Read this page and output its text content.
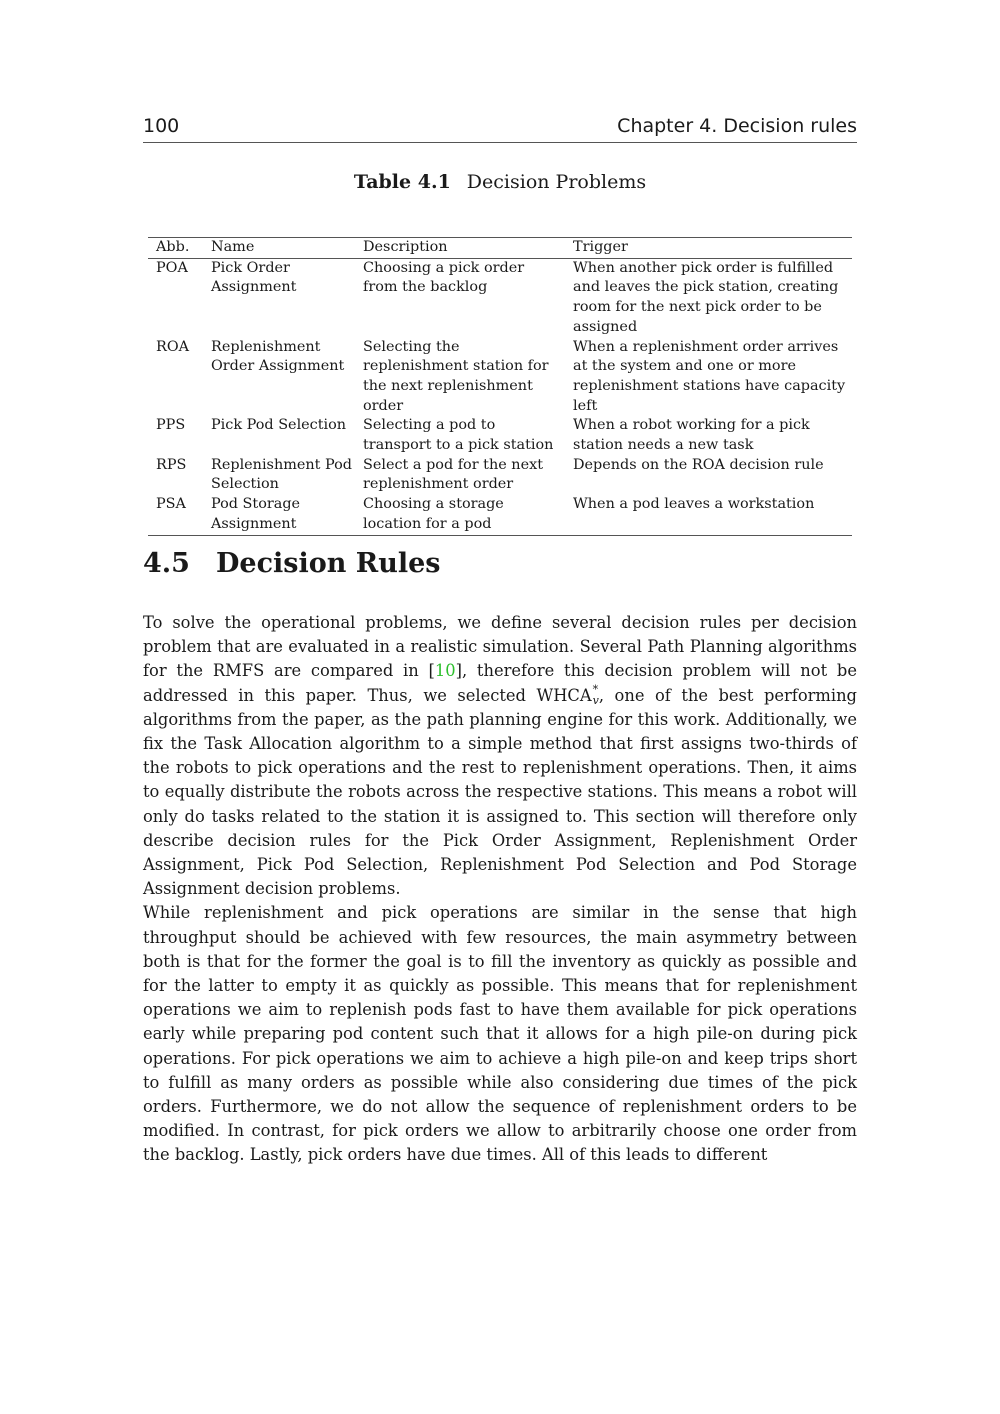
100	Chapter 4. Decision rules
Table 4.1 Decision Problems
Abb.	Name	Description	Trigger
POA	Pick Order Assignment	Choosing a pick order from the backlog	When another pick order is fulfilled and leaves the pick station, creating room for the next pick order to be assigned
ROA	Replenishment Order Assignment	Selecting the replenishment station for the next replenishment order	When a replenishment order arrives at the system and one or more replenishment stations have capacity left
PPS	Pick Pod Selection	Selecting a pod to transport to a pick station	When a robot working for a pick station needs a new task
RPS	Replenishment Pod Selection	Select a pod for the next replenishment order	Depends on the ROA decision rule
PSA	Pod Storage Assignment	Choosing a storage location for a pod	When a pod leaves a workstation
4.5 Decision Rules

To solve the operational problems, we define several decision rules per decision problem that are evaluated in a realistic simulation. Several Path Planning algorithms for the RMFS are compared in [10], therefore this decision problem will not be addressed in this paper. Thus, we selected WHCA *
v , one of the best performing algorithms from the paper, as the path planning engine for this work. Additionally, we fix the Task Allocation algorithm to a simple method that first assigns two-thirds of the robots to pick operations and the rest to replenishment operations. Then, it aims to equally distribute the robots across the respective stations. This means a robot will only do tasks related to the station it is assigned to. This section will therefore only describe decision rules for the Pick Order Assignment, Replenishment Order Assignment, Pick Pod Selection, Replenishment Pod Selection and Pod Storage Assignment decision problems.

While replenishment and pick operations are similar in the sense that high throughput should be achieved with few resources, the main asymmetry between both is that for the former the goal is to fill the inventory as quickly as possible and for the latter to empty it as quickly as possible. This means that for replenishment operations we aim to replenish pods fast to have them available for pick operations early while preparing pod content such that it allows for a high pile-on during pick operations. For pick operations we aim to achieve a high pile-on and keep trips short to fulfill as many orders as possible while also considering due times of the pick orders. Furthermore, we do not allow the sequence of replenishment orders to be modified. In contrast, for pick orders we allow to arbitrarily choose one order from the backlog. Lastly, pick orders have due times. All of this leads to different
